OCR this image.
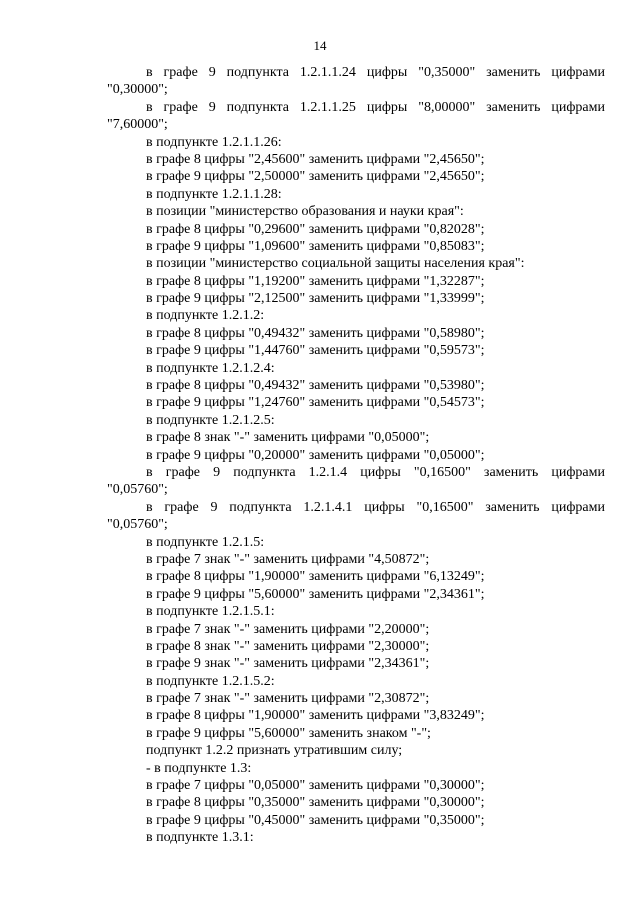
14
в графе 9 подпункта 1.2.1.1.24 цифры "0,35000" заменить цифрами
"0,30000";
в графе 9 подпункта 1.2.1.1.25 цифры "8,00000" заменить цифрами
"7,60000";
в подпункте 1.2.1.1.26:
в графе 8 цифры "2,45600" заменить цифрами "2,45650";
в графе 9 цифры "2,50000" заменить цифрами "2,45650";
в подпункте 1.2.1.1.28:
в позиции "министерство образования и науки края":
в графе 8 цифры "0,29600" заменить цифрами "0,82028";
в графе 9 цифры "1,09600" заменить цифрами "0,85083";
в позиции "министерство социальной защиты населения края":
в графе 8 цифры "1,19200" заменить цифрами "1,32287";
в графе 9 цифры "2,12500" заменить цифрами "1,33999";
в подпункте 1.2.1.2:
в графе 8 цифры "0,49432" заменить цифрами "0,58980";
в графе 9 цифры "1,44760" заменить цифрами "0,59573";
в подпункте 1.2.1.2.4:
в графе 8 цифры "0,49432" заменить цифрами "0,53980";
в графе 9 цифры "1,24760" заменить цифрами "0,54573";
в подпункте 1.2.1.2.5:
в графе 8 знак "-" заменить цифрами "0,05000";
в графе 9 цифры "0,20000" заменить цифрами "0,05000";
в графе 9 подпункта 1.2.1.4 цифры "0,16500" заменить цифрами
"0,05760";
в графе 9 подпункта 1.2.1.4.1 цифры "0,16500" заменить цифрами
"0,05760";
в подпункте 1.2.1.5:
в графе 7 знак "-" заменить цифрами "4,50872";
в графе 8 цифры "1,90000" заменить цифрами "6,13249";
в графе 9 цифры "5,60000" заменить цифрами "2,34361";
в подпункте 1.2.1.5.1:
в графе 7 знак "-" заменить цифрами "2,20000";
в графе 8 знак "-" заменить цифрами "2,30000";
в графе 9 знак "-" заменить цифрами "2,34361";
в подпункте 1.2.1.5.2:
в графе 7 знак "-" заменить цифрами "2,30872";
в графе 8 цифры "1,90000" заменить цифрами "3,83249";
в графе 9 цифры "5,60000" заменить знаком "-";
подпункт 1.2.2 признать утратившим силу;
- в подпункте 1.3:
в графе 7 цифры "0,05000" заменить цифрами "0,30000";
в графе 8 цифры "0,35000" заменить цифрами "0,30000";
в графе 9 цифры "0,45000" заменить цифрами "0,35000";
в подпункте 1.3.1:
